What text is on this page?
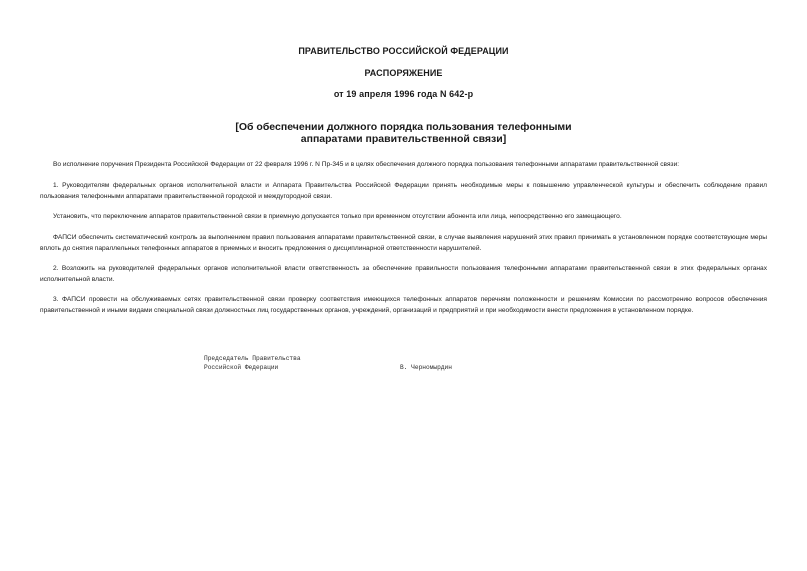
ПРАВИТЕЛЬСТВО РОССИЙСКОЙ ФЕДЕРАЦИИ
РАСПОРЯЖЕНИЕ
от 19 апреля 1996 года N 642-р
[Об обеспечении должного порядка пользования телефонными
аппаратами правительственной связи]

Во исполнение поручения Президента Российской Федерации от 22 февраля 1996 г. N Пр-345 и в целях обеспечения должного порядка пользования телефонными аппаратами правительственной связи:

1. Руководителям федеральных органов исполнительной власти и Аппарата Правительства Российской Федерации принять необходимые меры к повышению управленческой культуры и обеспечить соблюдение правил пользования телефонными аппаратами правительственной городской и междугородной связи.

Установить, что переключение аппаратов правительственной связи в приемную допускается только при временном отсутствии абонента или лица, непосредственно его замещающего.

ФАПСИ обеспечить систематический контроль за выполнением правил пользования аппаратами правительственной связи, в случае выявления нарушений этих правил принимать в установленном порядке соответствующие меры вплоть до снятия параллельных телефонных аппаратов в приемных и вносить предложения о дисциплинарной ответственности нарушителей.

2. Возложить на руководителей федеральных органов исполнительной власти ответственность за обеспечение правильности пользования телефонными аппаратами правительственной связи в этих федеральных органах исполнительной власти.

3. ФАПСИ провести на обслуживаемых сетях правительственной связи проверку соответствия имеющихся телефонных аппаратов перечням положенности и решениям Комиссии по рассмотрению вопросов обеспечения правительственной и иными видами специальной связи должностных лиц государственных органов, учреждений, организаций и предприятий и при необходимости внести предложения в установленном порядке.

Председатель Правительства
Российской Федерации	В. Черномырдин
